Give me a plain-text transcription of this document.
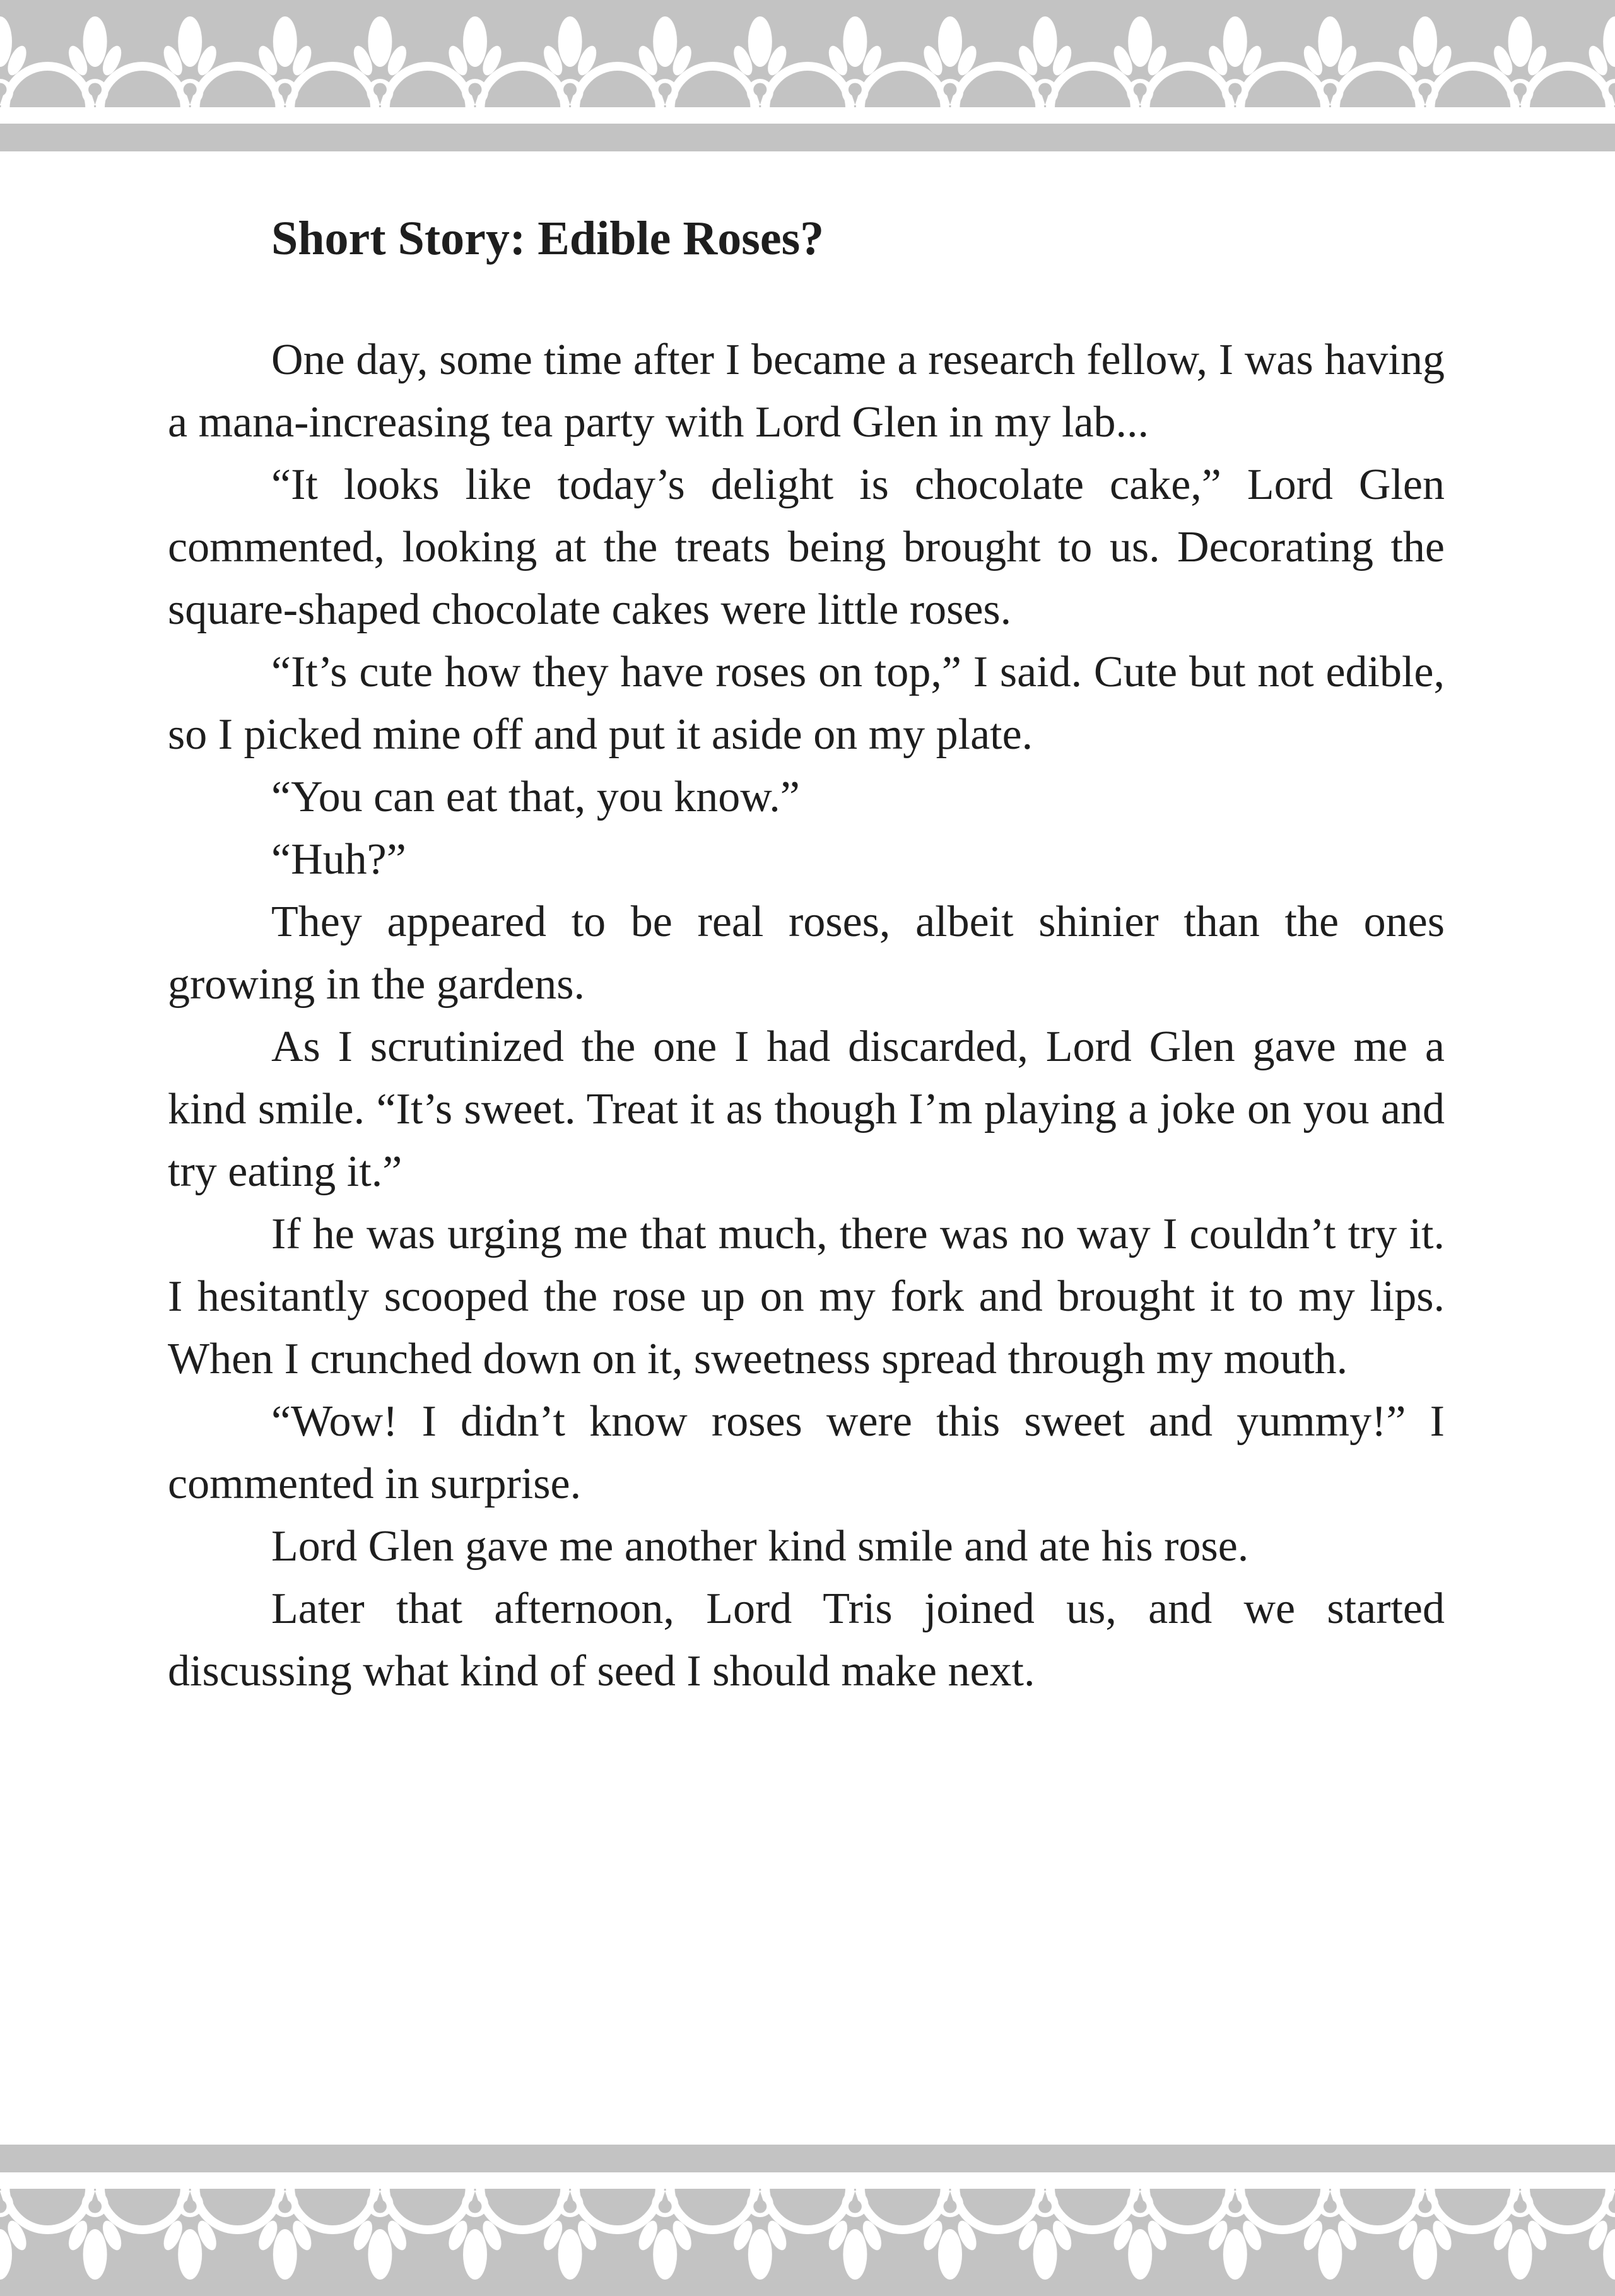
Short Story: Edible Roses?

One day, some time after I became a research fellow, I was having a mana-increasing tea party with Lord Glen in my lab...

“It looks like today’s delight is chocolate cake,” Lord Glen commented, looking at the treats being brought to us. Decorating the square-shaped chocolate cakes were little roses.

“It’s cute how they have roses on top,” I said. Cute but not edible, so I picked mine off and put it aside on my plate.

“You can eat that, you know.”

“Huh?”

They appeared to be real roses, albeit shinier than the ones growing in the gardens.

As I scrutinized the one I had discarded, Lord Glen gave me a kind smile. “It’s sweet. Treat it as though I’m playing a joke on you and try eating it.”

If he was urging me that much, there was no way I couldn’t try it. I hesitantly scooped the rose up on my fork and brought it to my lips. When I crunched down on it, sweetness spread through my mouth.

“Wow! I didn’t know roses were this sweet and yummy!” I commented in surprise.

Lord Glen gave me another kind smile and ate his rose.

Later that afternoon, Lord Tris joined us, and we started discussing what kind of seed I should make next.
